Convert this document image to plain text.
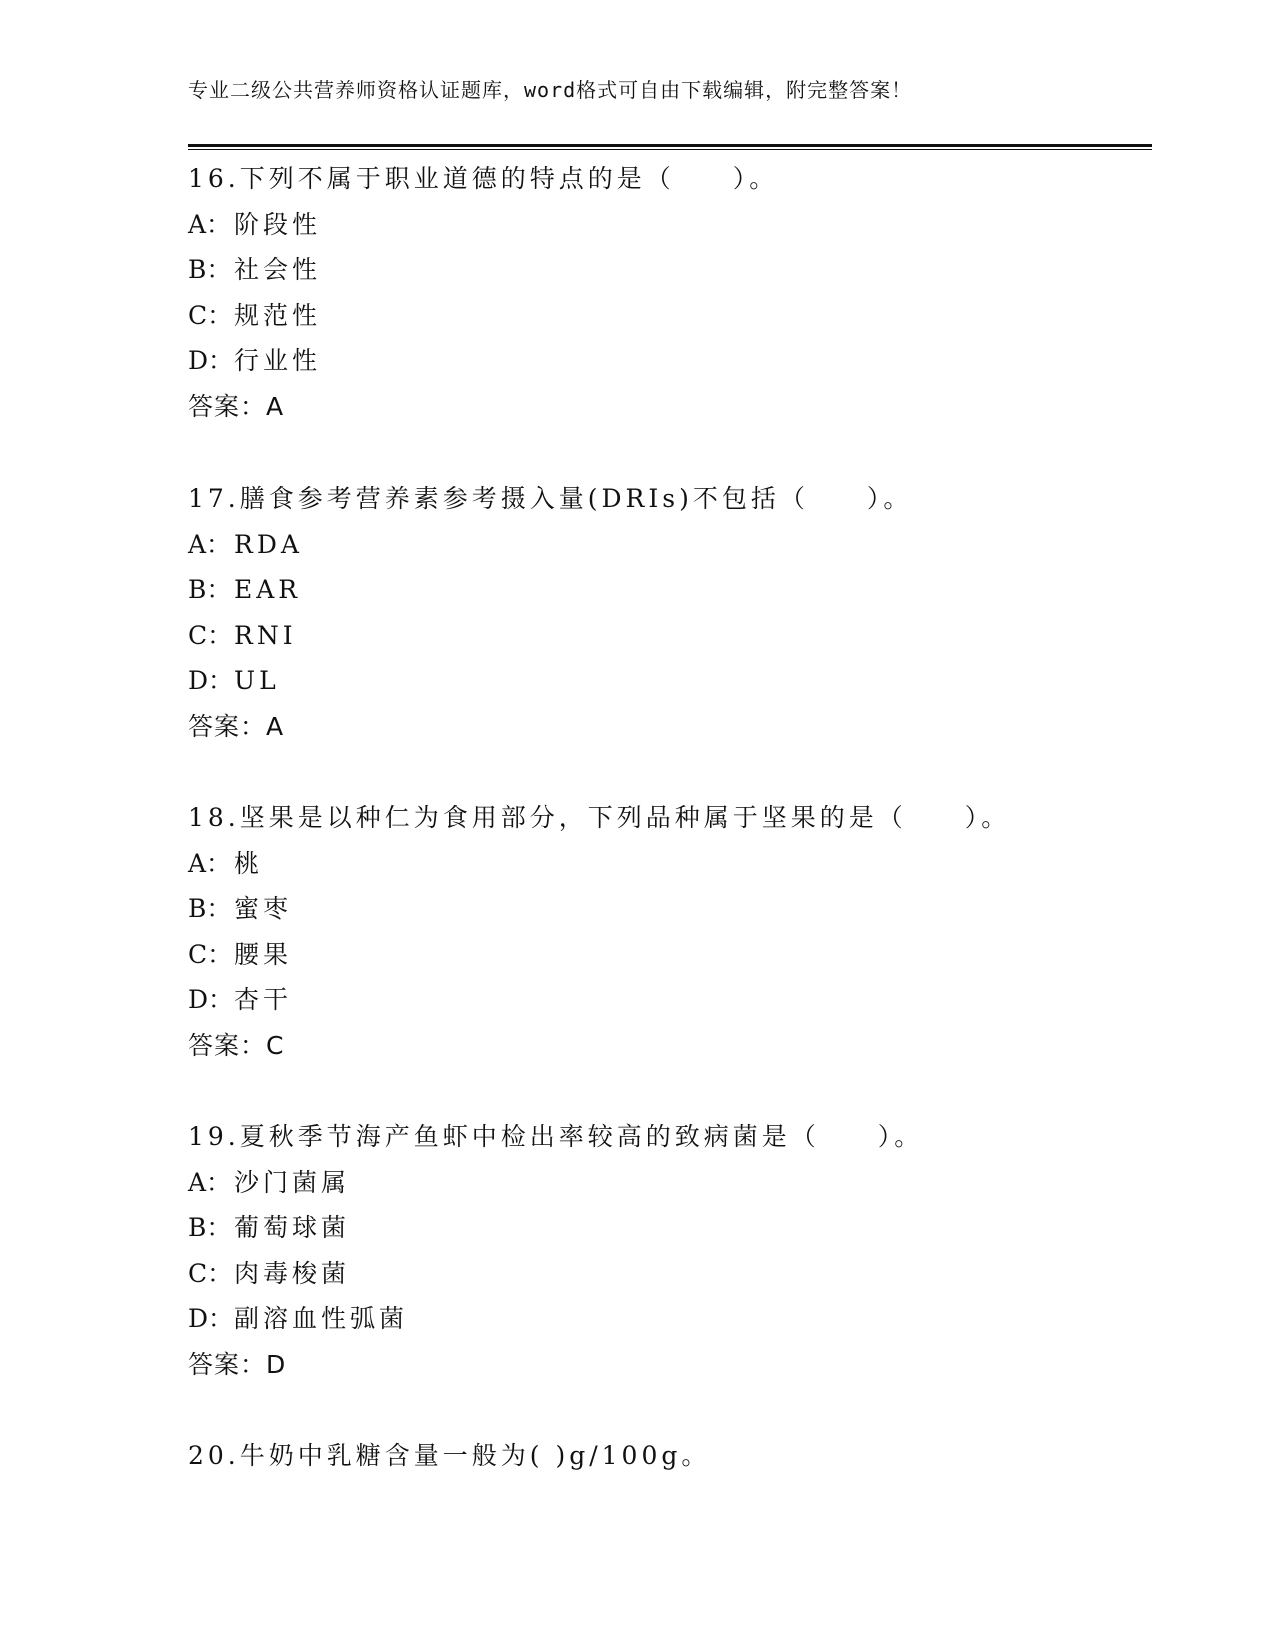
专业二级公共营养师资格认证题库，word格式可自由下载编辑，附完整答案！
16.下列不属于职业道德的特点的是（　　）。
A： 阶段性
B： 社会性
C：规范性
D：行业性
答案：A
17.膳食参考营养素参考摄入量(DRIs)不包括（　　）。
A： RDA
B： EAR
C：RNI
D：UL
答案：A
18.坚果是以种仁为食用部分，下列品种属于坚果的是（　　）。
A： 桃
B： 蜜枣
C：腰果
D：杏干
答案：C
19.夏秋季节海产鱼虾中检出率较高的致病菌是（　　）。
A： 沙门菌属
B： 葡萄球菌
C：肉毒梭菌
D：副溶血性弧菌
答案：D
20.牛奶中乳糖含量一般为( )g/100g。
